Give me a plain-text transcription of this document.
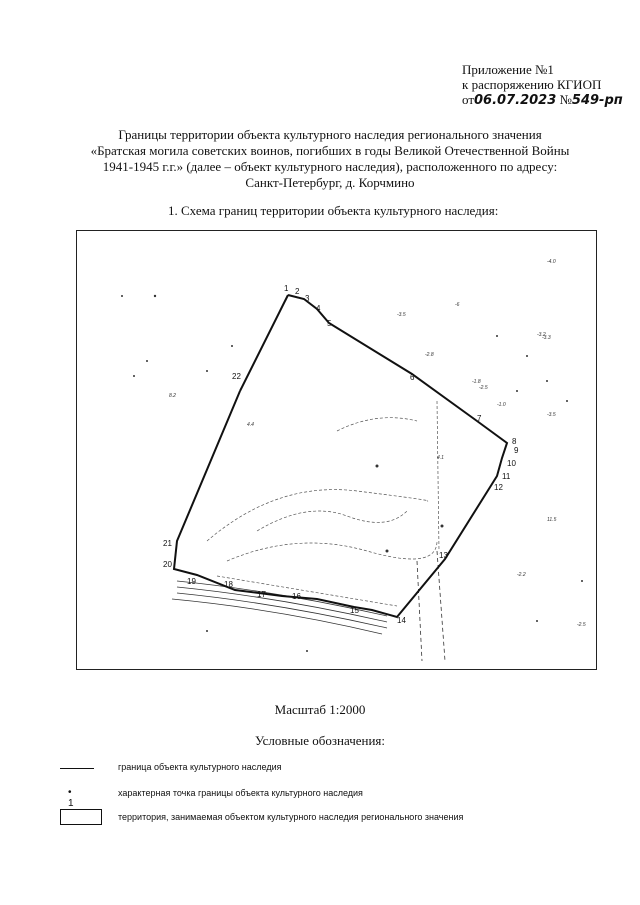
Приложение №1
к распоряжению КГИОП
от06.07.2023 №549-рп
Границы территории объекта культурного наследия регионального значения
«Братская могила советских воинов, погибших в годы Великой Отечественной Войны
1941-1945 г.г.» (далее – объект культурного наследия), расположенного по адресу:
Санкт-Петербург, д. Корчмино
1. Схема границ территории объекта культурного наследия:
1 2
3
4
5
6
7
8
9
10
11
12
13
14
15
16
17
18
19
20
21
22
-4.0
-3.5
-6
8.2
-2.8
-3.3
-2.5
11.5
-1.8
-3.2
-3.5
4.4
-2.2
-1.0
4.1
-2.5
Масштаб 1:2000
Условные обозначения:
граница объекта культурного наследия
• 1
характерная точка границы объекта культурного наследия
территория, занимаемая объектом культурного наследия регионального значения
